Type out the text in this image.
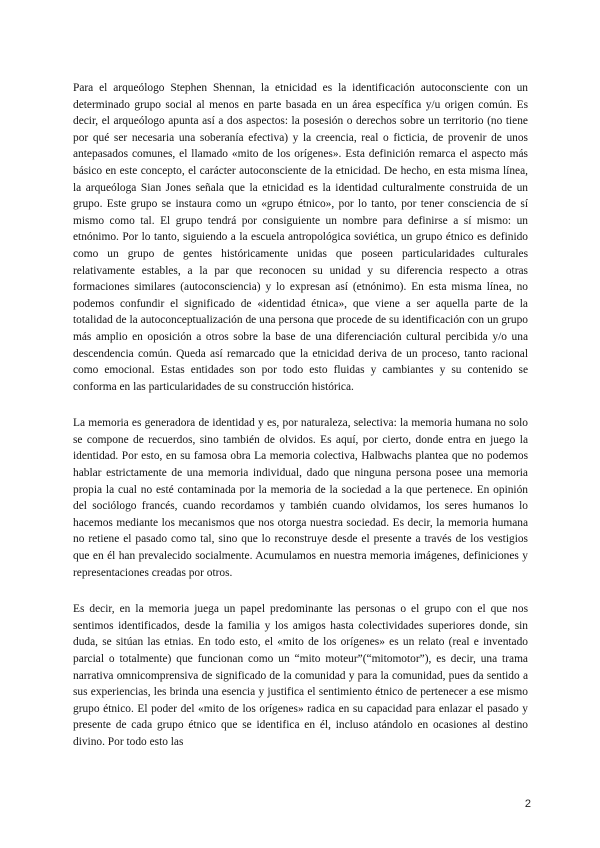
Para el arqueólogo Stephen Shennan, la etnicidad es la identificación autoconsciente con un determinado grupo social al menos en parte basada en un área específica y/u origen común. Es decir, el arqueólogo apunta así a dos aspectos: la posesión o derechos sobre un territorio (no tiene por qué ser necesaria una soberanía efectiva) y la creencia, real o ficticia, de provenir de unos antepasados comunes, el llamado «mito de los orígenes». Esta definición remarca el aspecto más básico en este concepto, el carácter autoconsciente de la etnicidad. De hecho, en esta misma línea, la arqueóloga Sian Jones señala que la etnicidad es la identidad culturalmente construida de un grupo. Este grupo se instaura como un «grupo étnico», por lo tanto, por tener consciencia de sí mismo como tal. El grupo tendrá por consiguiente un nombre para definirse a sí mismo: un etnónimo. Por lo tanto, siguiendo a la escuela antropológica soviética, un grupo étnico es definido como un grupo de gentes históricamente unidas que poseen particularidades culturales relativamente estables, a la par que reconocen su unidad y su diferencia respecto a otras formaciones similares (autoconsciencia) y lo expresan así (etnónimo). En esta misma línea, no podemos confundir el significado de «identidad étnica», que viene a ser aquella parte de la totalidad de la autoconceptualización de una persona que procede de su identificación con un grupo más amplio en oposición a otros sobre la base de una diferenciación cultural percibida y/o una descendencia común. Queda así remarcado que la etnicidad deriva de un proceso, tanto racional como emocional. Estas entidades son por todo esto fluidas y cambiantes y su contenido se conforma en las particularidades de su construcción histórica.

La memoria es generadora de identidad y es, por naturaleza, selectiva: la memoria humana no solo se compone de recuerdos, sino también de olvidos. Es aquí, por cierto, donde entra en juego la identidad. Por esto, en su famosa obra La memoria colectiva, Halbwachs plantea que no podemos hablar estrictamente de una memoria individual, dado que ninguna persona posee una memoria propia la cual no esté contaminada por la memoria de la sociedad a la que pertenece. En opinión del sociólogo francés, cuando recordamos y también cuando olvidamos, los seres humanos lo hacemos mediante los mecanismos que nos otorga nuestra sociedad. Es decir, la memoria humana no retiene el pasado como tal, sino que lo reconstruye desde el presente a través de los vestigios que en él han prevalecido socialmente. Acumulamos en nuestra memoria imágenes, definiciones y representaciones creadas por otros.

Es decir, en la memoria juega un papel predominante las personas o el grupo con el que nos sentimos identificados, desde la familia y los amigos hasta colectividades superiores donde, sin duda, se sitúan las etnias. En todo esto, el «mito de los orígenes» es un relato (real e inventado parcial o totalmente) que funcionan como un “mito moteur”(“mitomotor”), es decir, una trama narrativa omnicomprensiva de significado de la comunidad y para la comunidad, pues da sentido a sus experiencias, les brinda una esencia y justifica el sentimiento étnico de pertenecer a ese mismo grupo étnico. El poder del «mito de los orígenes» radica en su capacidad para enlazar el pasado y presente de cada grupo étnico que se identifica en él, incluso atándolo en ocasiones al destino divino. Por todo esto las

2
